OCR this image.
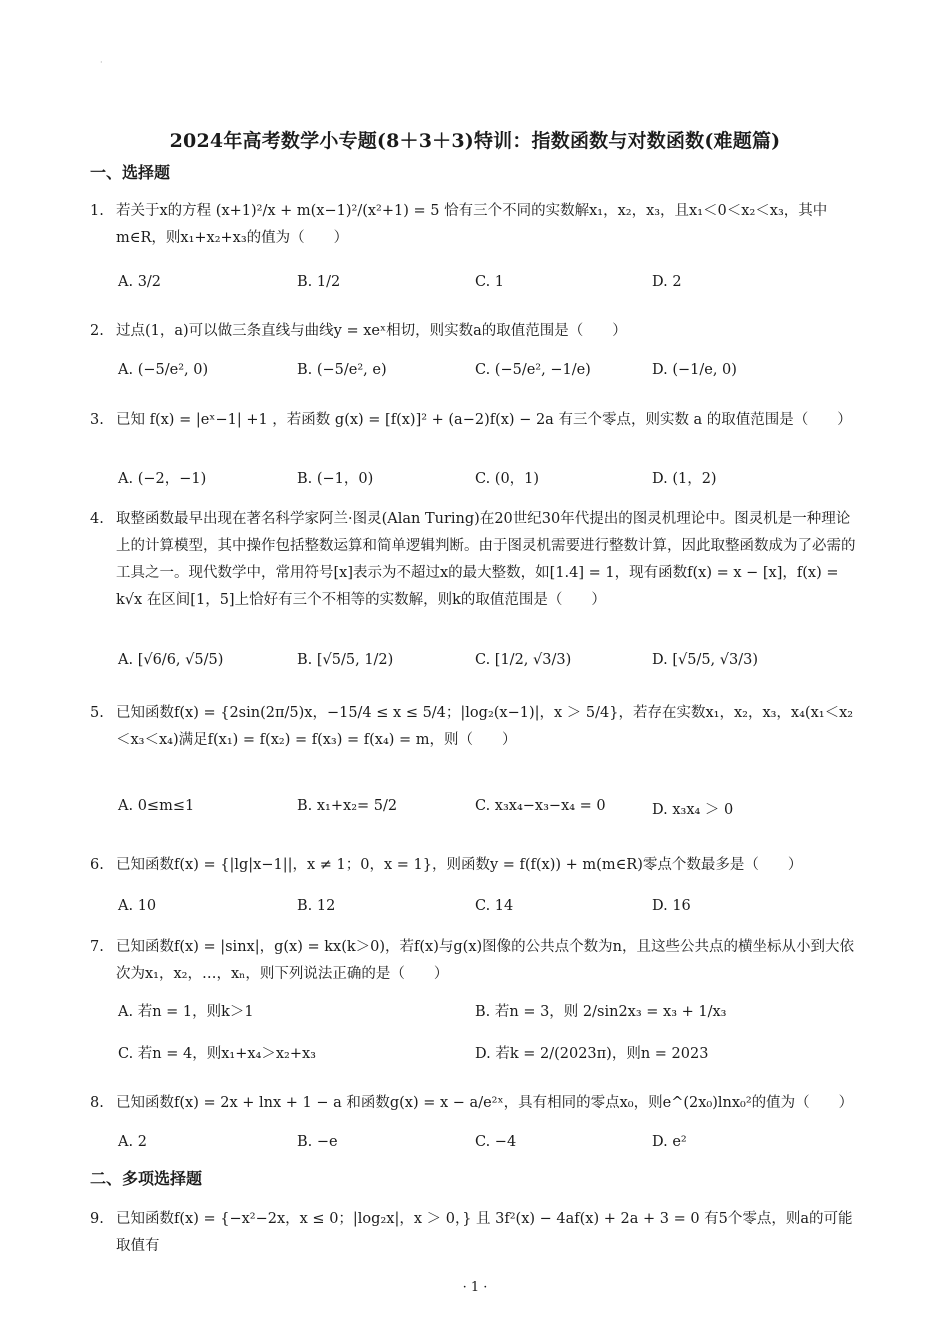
·
2024年高考数学小专题(8＋3＋3)特训：指数函数与对数函数(难题篇)
一、选择题
1. 若关于x的方程 (x+1)²/x + m(x−1)²/(x²+1) = 5 恰有三个不同的实数解x₁，x₂，x₃，且x₁＜0＜x₂＜x₃，其中m∈R，则x₁+x₂+x₃的值为（　　）
A. 3/2	B. 1/2	C. 1	D. 2
2. 过点(1，a)可以做三条直线与曲线y = xeˣ相切，则实数a的取值范围是（　　）
A. (−5/e², 0)	B. (−5/e², e)	C. (−5/e², −1/e)	D. (−1/e, 0)
3. 已知 f(x) = |eˣ−1| +1 ，若函数 g(x) = [f(x)]² + (a−2)f(x) − 2a 有三个零点，则实数 a 的取值范围是（　　）
A. (−2，−1)	B. (−1，0)	C. (0，1)	D. (1，2)
4. 取整函数最早出现在著名科学家阿兰·图灵(Alan Turing)在20世纪30年代提出的图灵机理论中。图灵机是一种理论上的计算模型，其中操作包括整数运算和简单逻辑判断。由于图灵机需要进行整数计算，因此取整函数成为了必需的工具之一。现代数学中，常用符号[x]表示为不超过x的最大整数，如[1.4] = 1，现有函数f(x) = x − [x]，f(x) = k√x 在区间[1，5]上恰好有三个不相等的实数解，则k的取值范围是（　　）
A. [√6/6, √5/5)	B. [√5/5, 1/2)	C. [1/2, √3/3)	D. [√5/5, √3/3)
5. 已知函数f(x) = {2sin(2π/5)x，−15/4 ≤ x ≤ 5/4；|log₂(x−1)|，x ＞ 5/4}，若存在实数x₁，x₂，x₃，x₄(x₁＜x₂＜x₃＜x₄)满足f(x₁) = f(x₂) = f(x₃) = f(x₄) = m，则（　　）
A. 0≤m≤1	B. x₁+x₂= 5/2	C. x₃x₄−x₃−x₄ = 0	D. x₃x₄ ＞ 0
6. 已知函数f(x) = {|lg|x−1||，x ≠ 1；0，x = 1}，则函数y = f(f(x)) + m(m∈R)零点个数最多是（　　）
A. 10	B. 12	C. 14	D. 16
7. 已知函数f(x) = |sinx|，g(x) = kx(k＞0)，若f(x)与g(x)图像的公共点个数为n，且这些公共点的横坐标从小到大依次为x₁，x₂，…，xₙ，则下列说法正确的是（　　）
A. 若n = 1，则k＞1	B. 若n = 3，则 2/sin2x₃ = x₃ + 1/x₃
C. 若n = 4，则x₁+x₄＞x₂+x₃	D. 若k = 2/(2023π)，则n = 2023
8. 已知函数f(x) = 2x + lnx + 1 − a 和函数g(x) = x − a/e²ˣ，具有相同的零点x₀，则e^(2x₀)lnx₀²的值为（　　）
A. 2	B. −e	C. −4	D. e²
二、多项选择题
9. 已知函数f(x) = {−x²−2x，x ≤ 0；|log₂x|，x ＞ 0，} 且 3f²(x) − 4af(x) + 2a + 3 = 0 有5个零点，则a的可能取值有
· 1 ·
